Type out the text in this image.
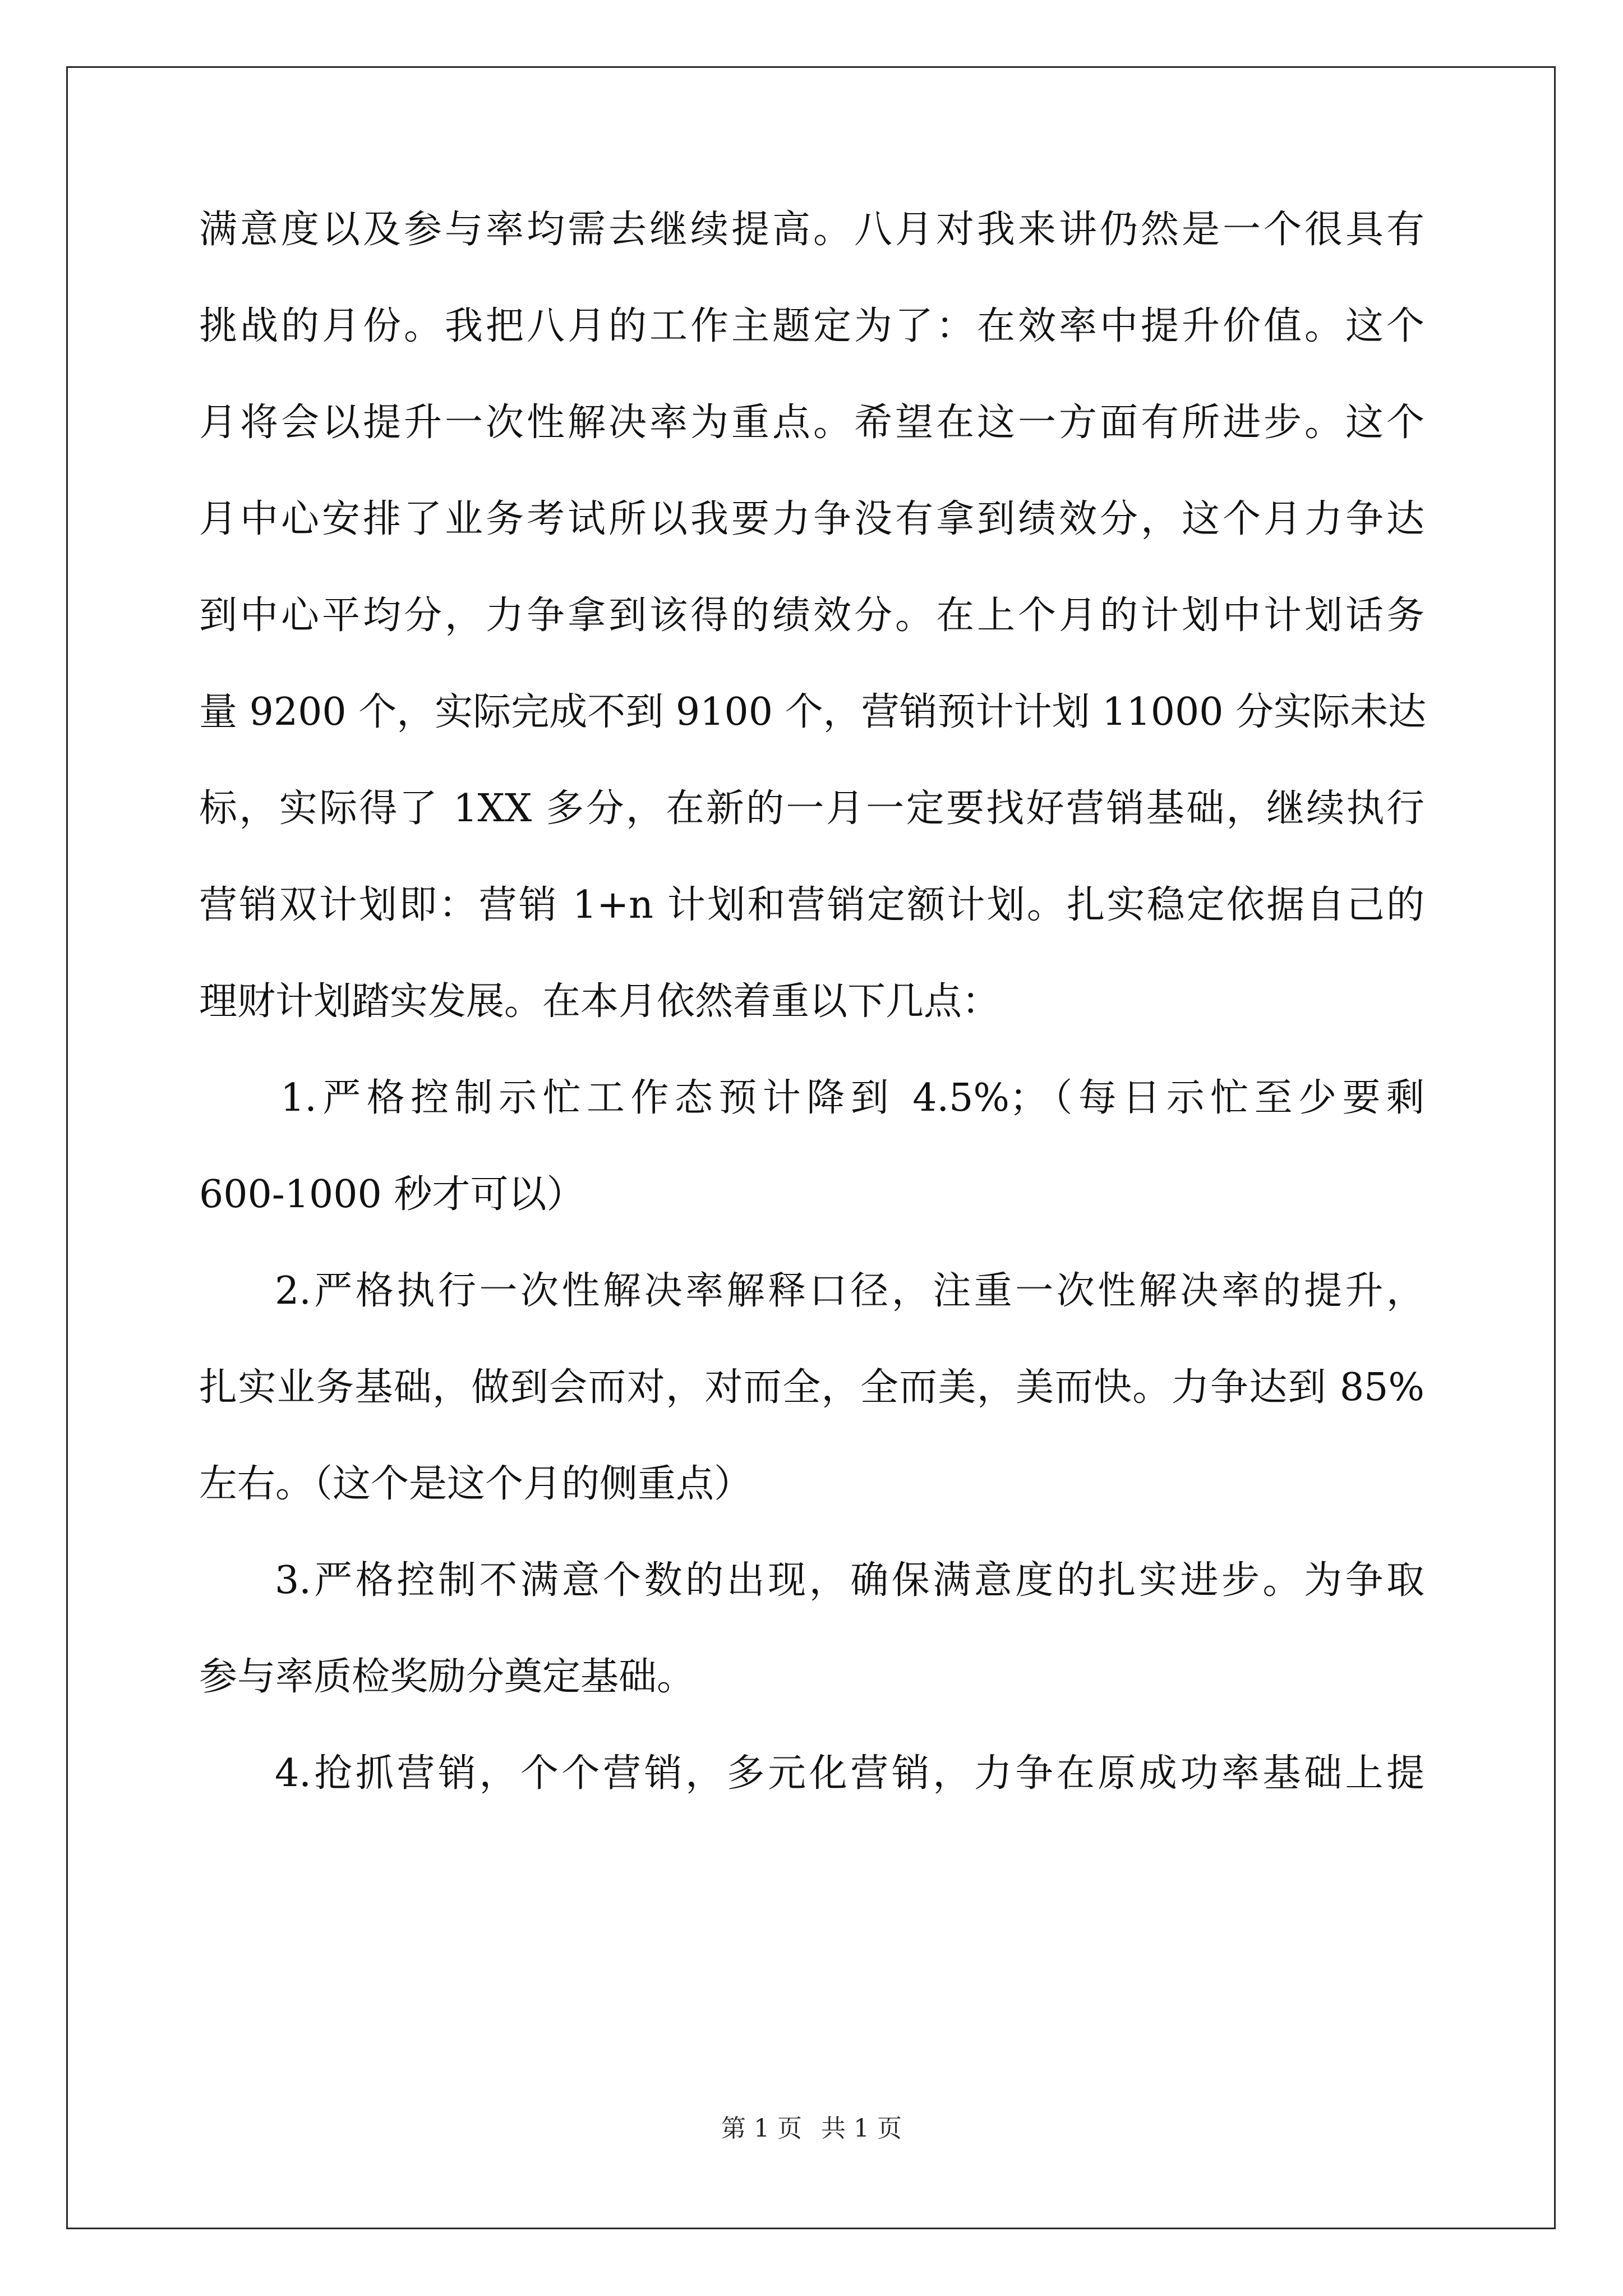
满意度以及参与率均需去继续提高。八月对我来讲仍然是一个很具有
挑战的月份。我把八月的工作主题定为了：在效率中提升价值。这个
月将会以提升一次性解决率为重点。希望在这一方面有所进步。这个
月中心安排了业务考试所以我要力争没有拿到绩效分，这个月力争达
到中心平均分，力争拿到该得的绩效分。在上个月的计划中计划话务
量 9200 个，实际完成不到 9100 个，营销预计计划 11000 分实际未达
标，实际得了 1XX 多分，在新的一月一定要找好营销基础，继续执行
营销双计划即：营销 1+n 计划和营销定额计划。扎实稳定依据自己的
理财计划踏实发展。在本月依然着重以下几点：
1.严格控制示忙工作态预计降到 4.5%；（每日示忙至少要剩
600-1000 秒才可以）
2.严格执行一次性解决率解释口径，注重一次性解决率的提升，
扎实业务基础，做到会而对，对而全，全而美，美而快。力争达到 85%
左右。（这个是这个月的侧重点）
3.严格控制不满意个数的出现，确保满意度的扎实进步。为争取
参与率质检奖励分奠定基础。
4.抢抓营销，个个营销，多元化营销，力争在原成功率基础上提
第 1 页 共 1 页
